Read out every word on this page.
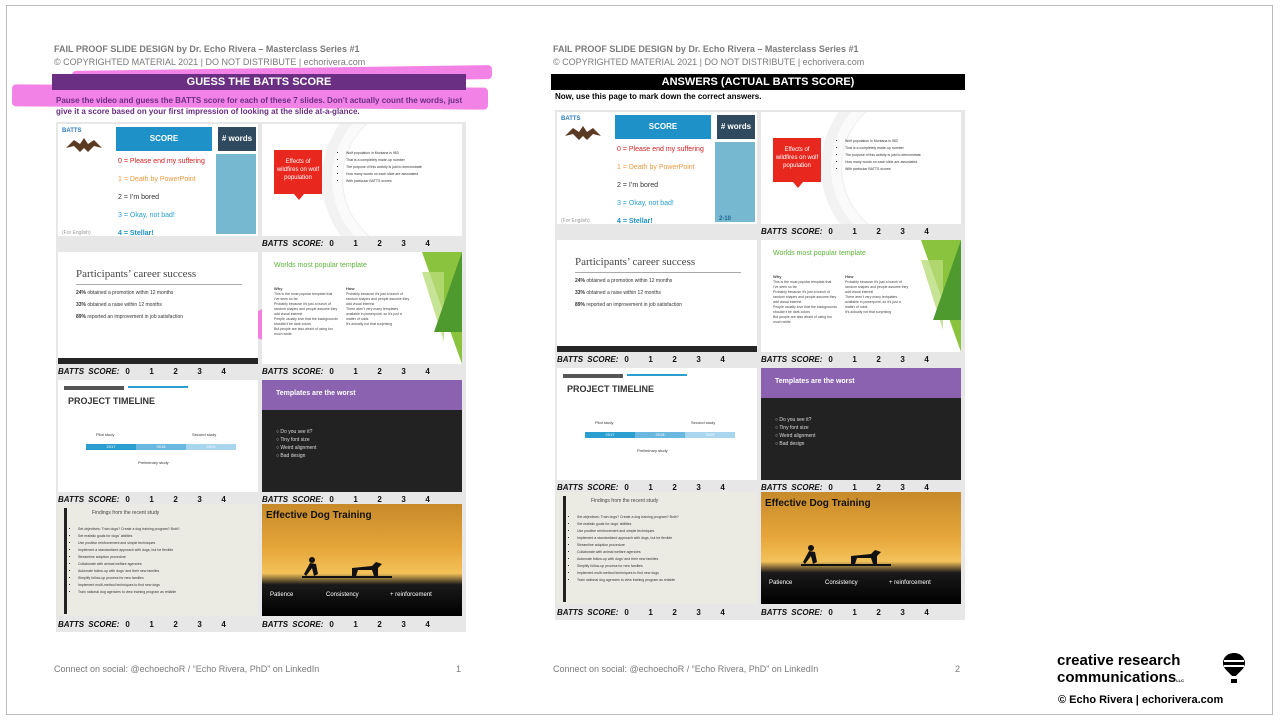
FAIL PROOF SLIDE DESIGN by Dr. Echo Rivera – Masterclass Series #1
© COPYRIGHTED MATERIAL 2021 | DO NOT DISTRIBUTE | echorivera.com
GUESS THE BATTS SCORE
Pause the video and guess the BATTS score for each of these 7 slides. Don’t actually count the words, just give it a score based on your first impression of looking at the slide at-a-glance.
BATTS
SCORE	# words
0 = Please end my suffering
1 = Death by PowerPoint
2 = I’m bored
3 = Okay, not bad!
4 = Stellar!
(For English)
Effects of wildfires on wolf population
▪ Wolf population in Montana is 983
▪ That is a completely made-up number
▪ The purpose of this activity is just to demonstrate
▪ How many words on each slide are associated
▪ With particular BATTS scores
BATTS SCORE: 0 1 2 3 4
Participants’ career success
24% obtained a promotion within 12 months
33% obtained a raise within 12 months
89% reported an improvement in job satisfaction
Worlds most popular template
Why
This is the most popular template that I’ve seen so far
Probably because it’s just a bunch of random shapes and people assume they add visual interest
People usually love that the backgrounds shouldn’t be dark colors
But people are also afraid of using too much white
How
Probably because it’s just a bunch of random shapes and people assume they add visual interest
There aren’t very many templates available in powerpoint, so it’s just a matter of odds
It’s actually not that surprising
BATTS SCORE: 0 1 2 3 4	BATTS SCORE: 0 1 2 3 4
PROJECT TIMELINE
Pilot study	Second study
2017	2018	2019
Preliminary study
Templates are the worst
○ Do you see it?
○ Tiny font size
○ Weird alignment
○ Bad design
BATTS SCORE: 0 1 2 3 4	BATTS SCORE: 0 1 2 3 4
Findings from the recent study
▪ Set objectives: Train dogs? Create a dog training program? Both?
▪ Set realistic goals for dogs' abilities
▪ Use positive reinforcement and simple techniques
▪ Implement a standardized approach with dogs, but be flexible
▪ Streamline adoption procedure
▪ Collaborate with animal welfare agencies
▪ Automate follow-up with dogs' and their new families
▪ Simplify follow-up process for new families
▪ Implement multi-method techniques to find new dogs
▪ Train national dog agencies to view training program as reliable
Effective Dog Training
Patience	Consistency	+ reinforcement
BATTS SCORE: 0 1 2 3 4	BATTS SCORE: 0 1 2 3 4
Connect on social: @echoechoR / “Echo Rivera, PhD” on LinkedIn	1
FAIL PROOF SLIDE DESIGN by Dr. Echo Rivera – Masterclass Series #1
© COPYRIGHTED MATERIAL 2021 | DO NOT DISTRIBUTE | echorivera.com
ANSWERS (ACTUAL BATTS SCORE)
Now, use this page to mark down the correct answers.
BATTS
SCORE	# words
0 = Please end my suffering
1 = Death by PowerPoint
2 = I’m bored
3 = Okay, not bad!
4 = Stellar!
(For English)	2-10
Effects of wildfires on wolf population
▪ Wolf population in Montana is 983
▪ That is a completely made-up number
▪ The purpose of this activity is just to demonstrate
▪ How many words on each slide are associated
▪ With particular BATTS scores
BATTS SCORE: 0 1 2 3 4
Participants’ career success
24% obtained a promotion within 12 months
33% obtained a raise within 12 months
89% reported an improvement in job satisfaction
Worlds most popular template
Why
This is the most popular template that I’ve seen so far
Probably because it’s just a bunch of random shapes and people assume they add visual interest
People usually love that the backgrounds shouldn’t be dark colors
But people are also afraid of using too much white
How
Probably because it’s just a bunch of random shapes and people assume they add visual interest
There aren’t very many templates available in powerpoint, so it’s just a matter of odds
It’s actually not that surprising
BATTS SCORE: 0 1 2 3 4	BATTS SCORE: 0 1 2 3 4
PROJECT TIMELINE
Pilot study	Second study
2017	2018	2019
Preliminary study
Templates are the worst
○ Do you see it?
○ Tiny font size
○ Weird alignment
○ Bad design
BATTS SCORE: 0 1 2 3 4	BATTS SCORE: 0 1 2 3 4
Findings from the recent study
▪ Set objectives: Train dogs? Create a dog training program? Both?
▪ Set realistic goals for dogs' abilities
▪ Use positive reinforcement and simple techniques
▪ Implement a standardized approach with dogs, but be flexible
▪ Streamline adoption procedure
▪ Collaborate with animal welfare agencies
▪ Automate follow-up with dogs' and their new families
▪ Simplify follow-up process for new families
▪ Implement multi-method techniques to find new dogs
▪ Train national dog agencies to view training program as reliable
Effective Dog Training
Patience	Consistency	+ reinforcement
BATTS SCORE: 0 1 2 3 4	BATTS SCORE: 0 1 2 3 4
Connect on social: @echoechoR / “Echo Rivera, PhD” on LinkedIn	2	creative research
communicationsLLC
© Echo Rivera | echorivera.com
